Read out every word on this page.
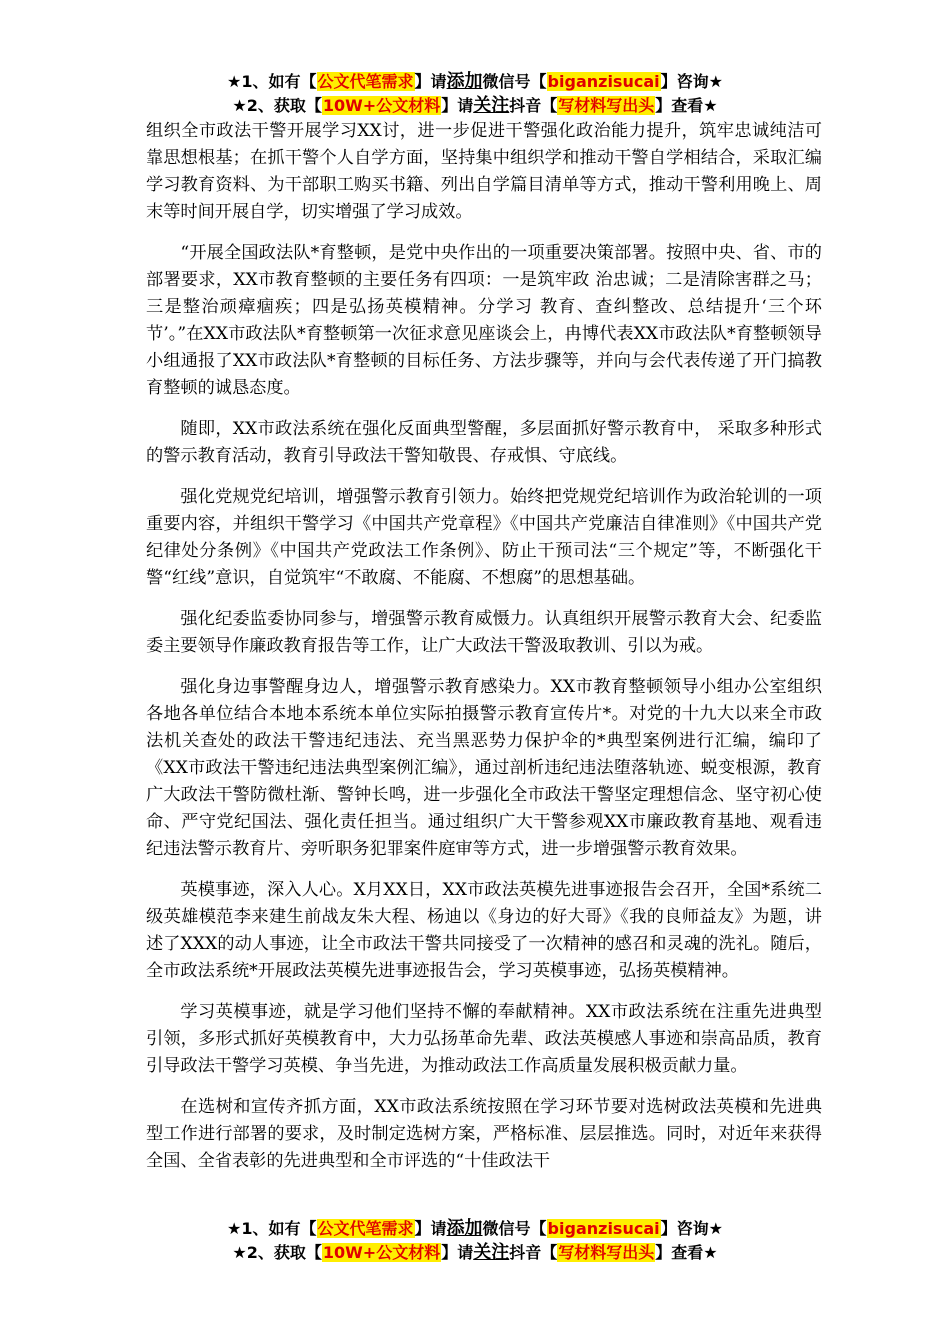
★1、如有【公文代笔需求】请添加微信号【biganzisucai】咨询★
★2、获取【10W+公文材料】请关注抖音【写材料写出头】查看★

组织全市政法干警开展学习XX讨，进一步促进干警强化政治能力提升，筑牢忠诚纯洁可靠思想根基；在抓干警个人自学方面，坚持集中组织学和推动干警自学相结合，采取汇编学习教育资料、为干部职工购买书籍、列出自学篇目清单等方式，推动干警利用晚上、周末等时间开展自学，切实增强了学习成效。

“开展全国政法队*育整顿，是党中央作出的一项重要决策部署。按照中央、省、市的部署要求，XX市教育整顿的主要任务有四项：一是筑牢政 治忠诚；二是清除害群之马；三是整治顽瘴痼疾；四是弘扬英模精神。分学习 教育、查纠整改、总结提升‘三个环节’。”在XX市政法队*育整顿第一次征求意见座谈会上，冉博代表XX市政法队*育整顿领导小组通报了XX市政法队*育整顿的目标任务、方法步骤等，并向与会代表传递了开门搞教育整顿的诚恳态度。

随即，XX市政法系统在强化反面典型警醒，多层面抓好警示教育中， 采取多种形式的警示教育活动，教育引导政法干警知敬畏、存戒惧、守底线。

强化党规党纪培训，增强警示教育引领力。始终把党规党纪培训作为政治轮训的一项重要内容，并组织干警学习《中国共产党章程》《中国共产党廉洁自律准则》《中国共产党纪律处分条例》《中国共产党政法工作条例》、防止干预司法“三个规定”等，不断强化干警“红线”意识，自觉筑牢“不敢腐、不能腐、不想腐”的思想基础。

强化纪委监委协同参与，增强警示教育威慑力。认真组织开展警示教育大会、纪委监委主要领导作廉政教育报告等工作，让广大政法干警汲取教训、引以为戒。

强化身边事警醒身边人，增强警示教育感染力。XX市教育整顿领导小组办公室组织各地各单位结合本地本系统本单位实际拍摄警示教育宣传片*。对党的十九大以来全市政法机关查处的政法干警违纪违法、充当黑恶势力保护伞的*典型案例进行汇编，编印了《XX市政法干警违纪违法典型案例汇编》，通过剖析违纪违法堕落轨迹、蜕变根源，教育广大政法干警防微杜渐、警钟长鸣，进一步强化全市政法干警坚定理想信念、坚守初心使命、严守党纪国法、强化责任担当。通过组织广大干警参观XX市廉政教育基地、观看违纪违法警示教育片、旁听职务犯罪案件庭审等方式，进一步增强警示教育效果。

英模事迹，深入人心。X月XX日，XX市政法英模先进事迹报告会召开，全国*系统二级英雄模范李来建生前战友朱大程、杨迪以《身边的好大哥》《我的良师益友》为题，讲述了XXX的动人事迹，让全市政法干警共同接受了一次精神的感召和灵魂的洗礼。随后，全市政法系统*开展政法英模先进事迹报告会，学习英模事迹，弘扬英模精神。

学习英模事迹，就是学习他们坚持不懈的奉献精神。XX市政法系统在注重先进典型引领，多形式抓好英模教育中，大力弘扬革命先辈、政法英模感人事迹和崇高品质，教育引导政法干警学习英模、争当先进，为推动政法工作高质量发展积极贡献力量。

在选树和宣传齐抓方面，XX市政法系统按照在学习环节要对选树政法英模和先进典型工作进行部署的要求，及时制定选树方案，严格标准、层层推选。同时，对近年来获得全国、全省表彰的先进典型和全市评选的“十佳政法干

★1、如有【公文代笔需求】请添加微信号【biganzisucai】咨询★
★2、获取【10W+公文材料】请关注抖音【写材料写出头】查看★
